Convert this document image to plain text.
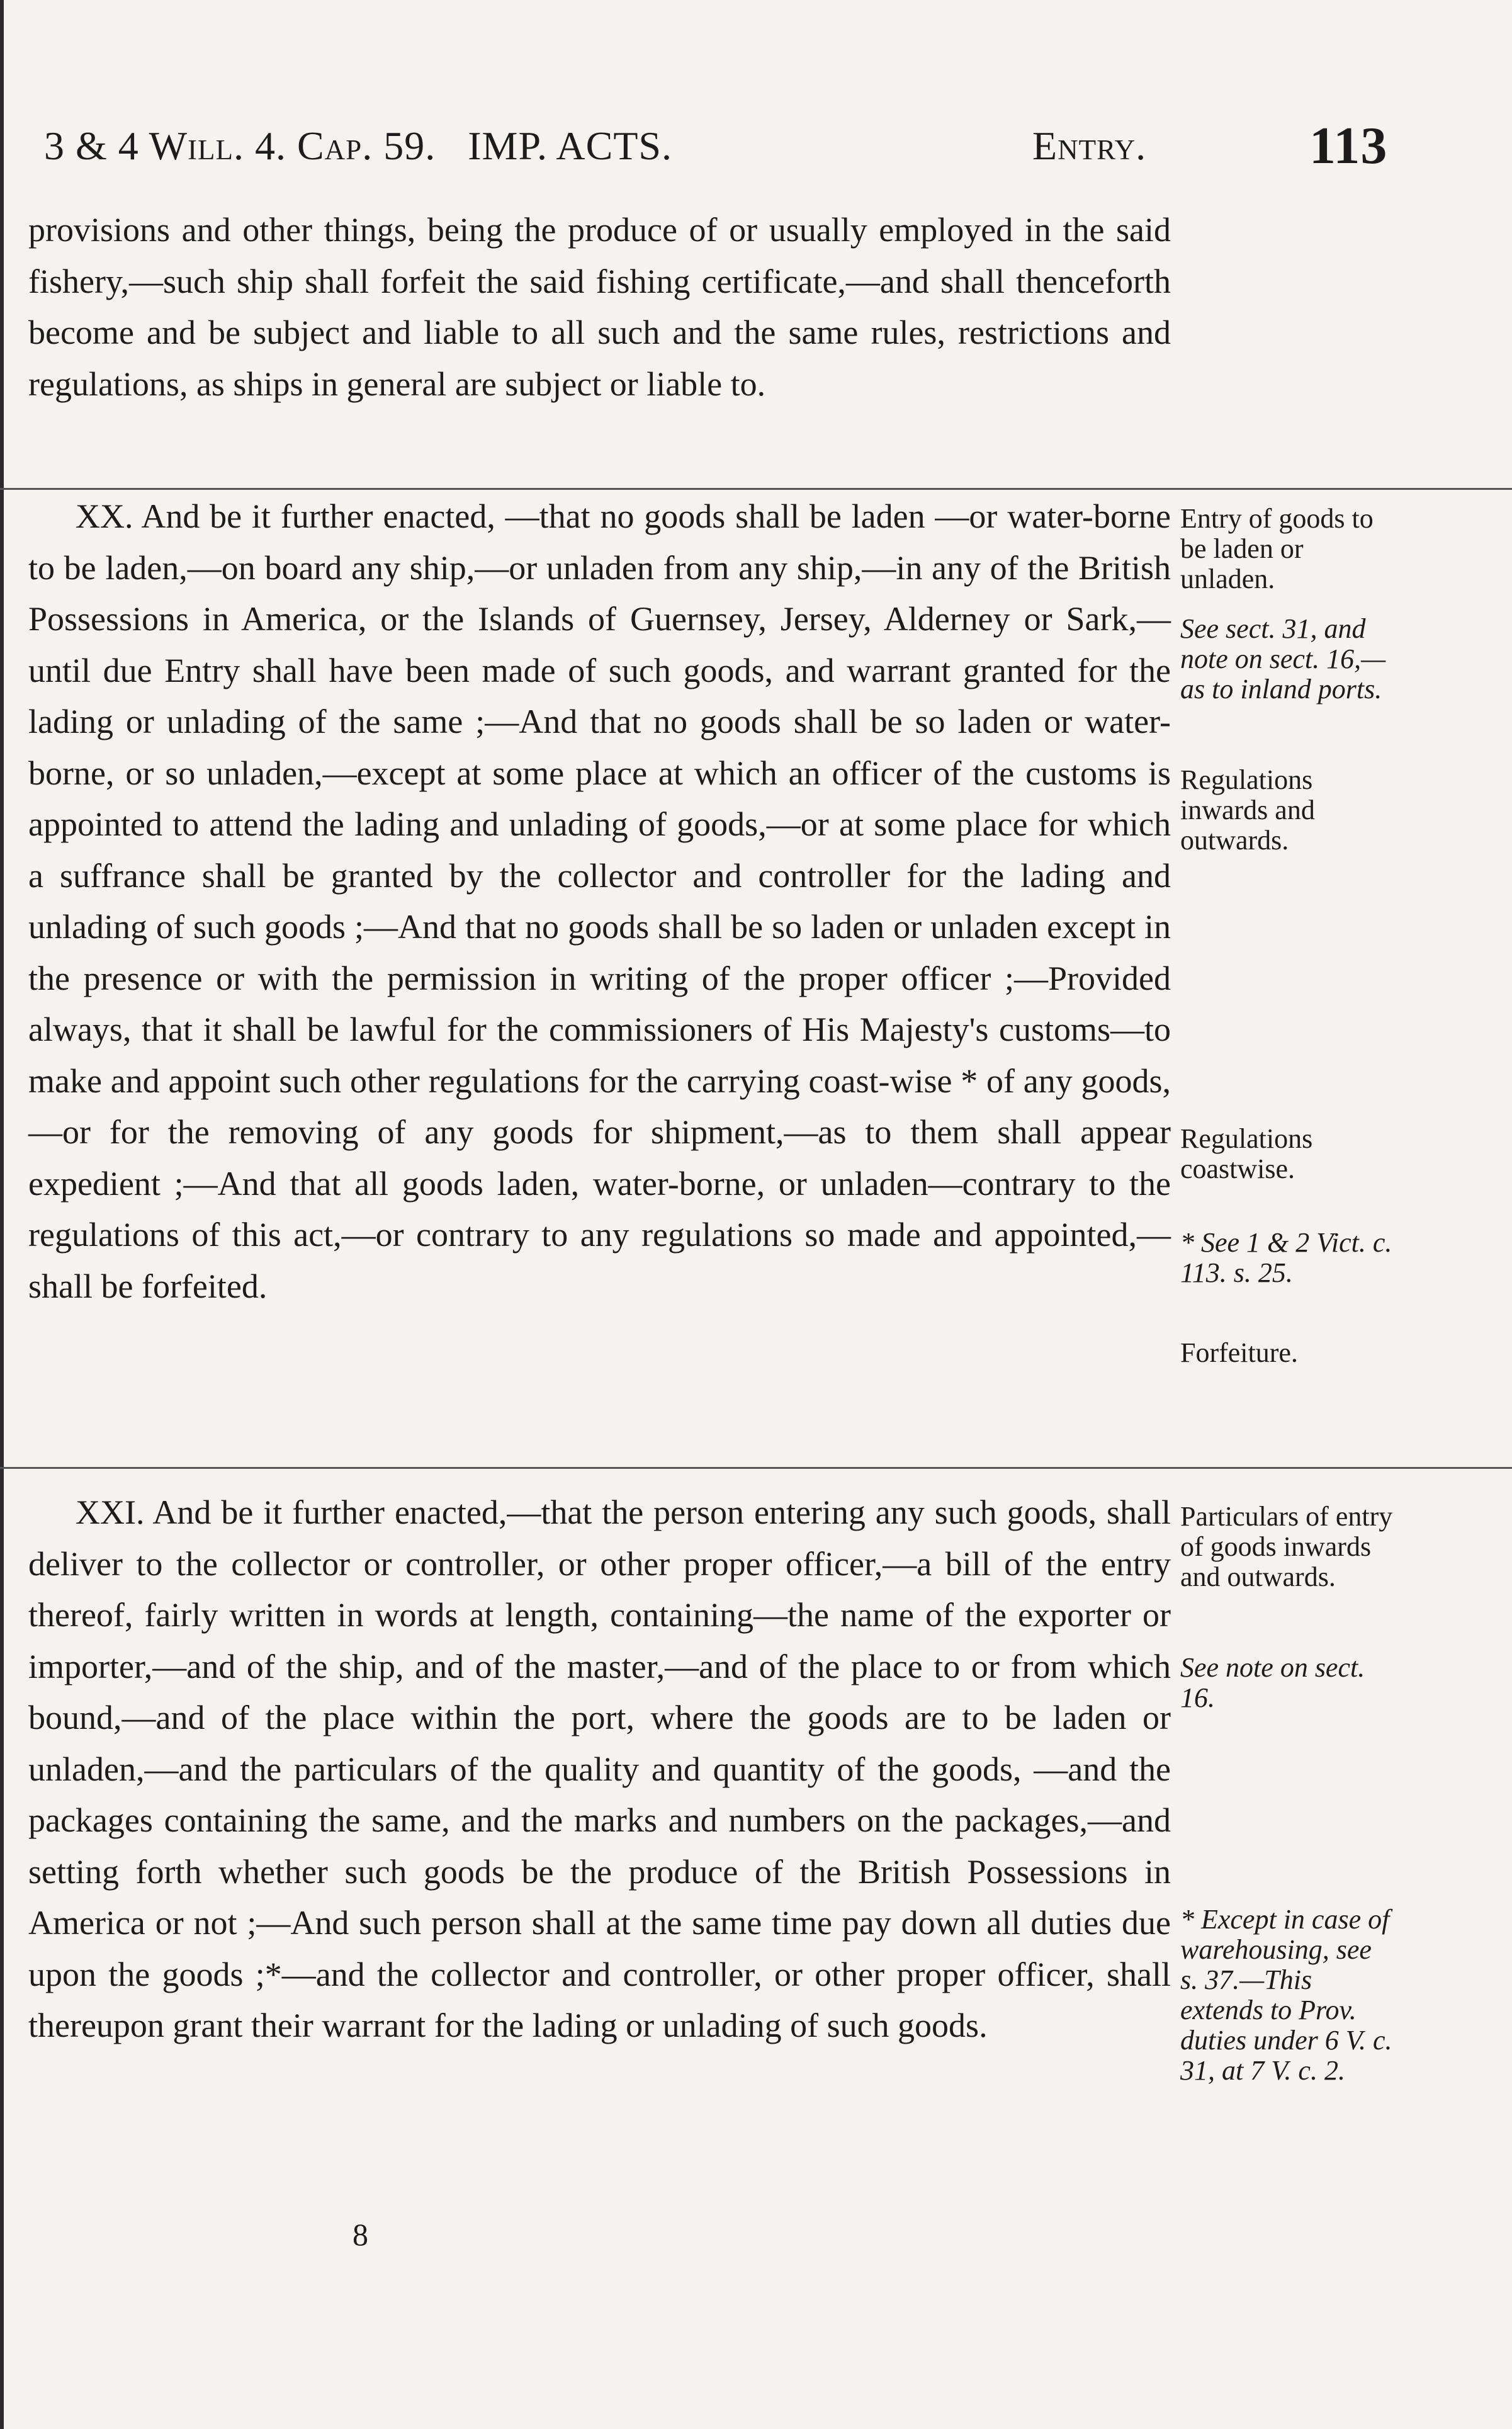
3 & 4 Will. 4. Cap. 59. IMP. ACTS.	Entry.	113

provisions and other things, being the produce of or usually employed in the said fishery,—such ship shall forfeit the said fishing certificate,—and shall thenceforth become and be subject and liable to all such and the same rules, restrictions and regulations, as ships in general are subject or liable to.

XX. And be it further enacted, —that no goods shall be laden —or water-borne to be laden,—on board any ship,—or unladen from any ship,—in any of the British Possessions in America, or the Islands of Guernsey, Jersey, Alderney or Sark,—until due Entry shall have been made of such goods, and warrant granted for the lading or unlading of the same ;—And that no goods shall be so laden or water-borne, or so unladen,—except at some place at which an officer of the customs is appointed to attend the lading and unlading of goods,—or at some place for which a suffrance shall be granted by the collector and controller for the lading and unlading of such goods ;—And that no goods shall be so laden or unladen except in the presence or with the permission in writing of the proper officer ;—Provided always, that it shall be lawful for the commissioners of His Majesty's customs—to make and appoint such other regulations for the carrying coast-wise * of any goods,—or for the removing of any goods for shipment,—as to them shall appear expedient ;—And that all goods laden, water-borne, or unladen—contrary to the regulations of this act,—or contrary to any regulations so made and appointed,—shall be forfeited.

XXI. And be it further enacted,—that the person entering any such goods, shall deliver to the collector or controller, or other proper officer,—a bill of the entry thereof, fairly written in words at length, containing—the name of the exporter or importer,—and of the ship, and of the master,—and of the place to or from which bound,—and of the place within the port, where the goods are to be laden or unladen,—and the particulars of the quality and quantity of the goods, —and the packages containing the same, and the marks and numbers on the packages,—and setting forth whether such goods be the produce of the British Possessions in America or not ;—And such person shall at the same time pay down all duties due upon the goods ;*—and the collector and controller, or other proper officer, shall thereupon grant their warrant for the lading or unlading of such goods.

Entry of goods to be laden or unladen.
See sect. 31, and note on sect. 16,—as to inland ports.
Regulations inwards and outwards.
Regulations coastwise.
* See 1 & 2 Vict. c. 113. s. 25.
Forfeiture.
Particulars of entry of goods inwards and outwards.
See note on sect. 16.
* Except in case of warehousing, see s. 37.—This extends to Prov. duties under 6 V. c. 31, at 7 V. c. 2.
8
